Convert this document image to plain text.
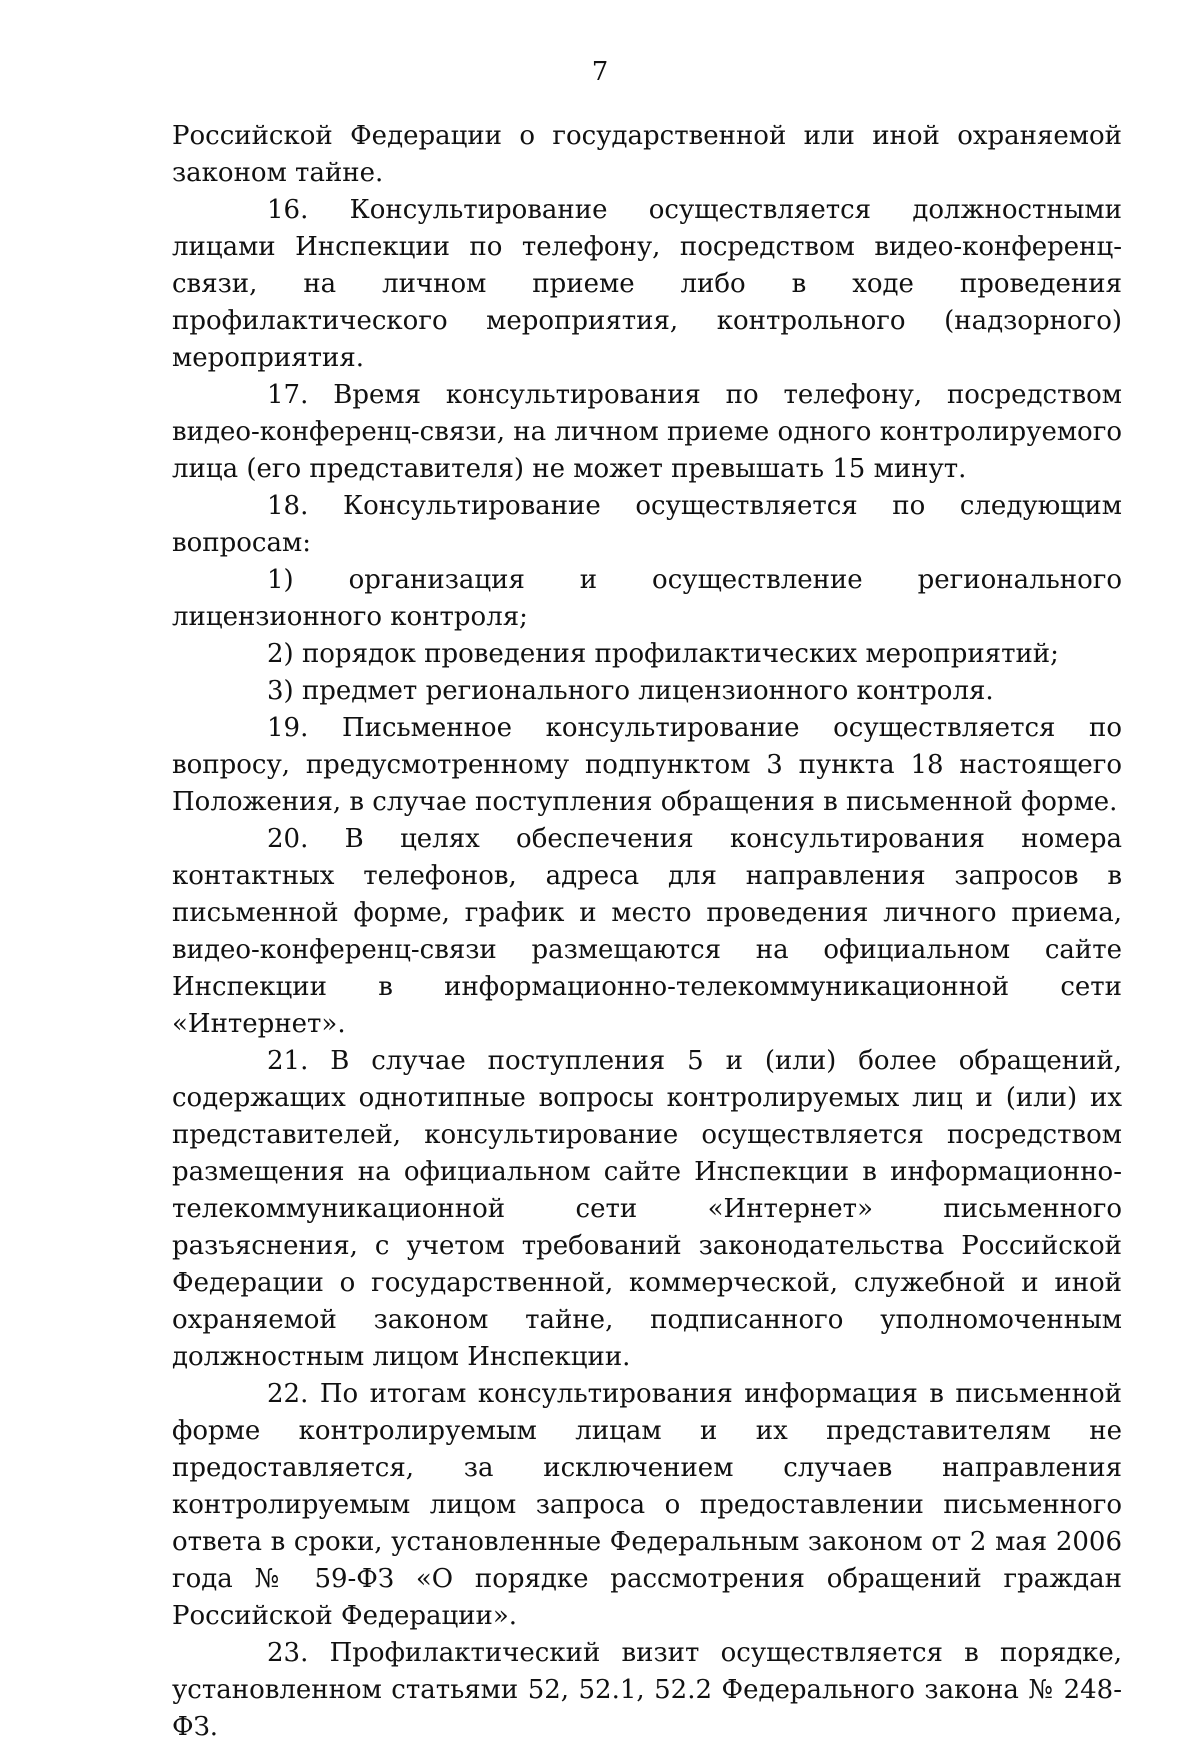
7

Российской Федерации о государственной или иной охраняемой законом тайне.

16. Консультирование осуществляется должностными лицами Инспекции по телефону, посредством видео-конференц-связи, на личном приеме либо в ходе проведения профилактического мероприятия, контрольного (надзорного) мероприятия.

17. Время консультирования по телефону, посредством видео-конференц-связи, на личном приеме одного контролируемого лица (его представителя) не может превышать 15 минут.

18. Консультирование осуществляется по следующим вопросам:

1) организация и осуществление регионального лицензионного контроля;

2) порядок проведения профилактических мероприятий;

3) предмет регионального лицензионного контроля.

19. Письменное консультирование осуществляется по вопросу, предусмотренному подпунктом 3 пункта 18 настоящего Положения, в случае поступления обращения в письменной форме.

20. В целях обеспечения консультирования номера контактных телефонов, адреса для направления запросов в письменной форме, график и место проведения личного приема, видео-конференц-связи размещаются на официальном сайте Инспекции в информационно-телекоммуникационной сети «Интернет».

21. В случае поступления 5 и (или) более обращений, содержащих однотипные вопросы контролируемых лиц и (или) их представителей, консультирование осуществляется посредством размещения на официальном сайте Инспекции в информационно-телекоммуникационной сети «Интернет» письменного разъяснения, с учетом требований законодательства Российской Федерации о государственной, коммерческой, служебной и иной охраняемой законом тайне, подписанного уполномоченным должностным лицом Инспекции.

22. По итогам консультирования информация в письменной форме контролируемым лицам и их представителям не предоставляется, за исключением случаев направления контролируемым лицом запроса о предоставлении письменного ответа в сроки, установленные Федеральным законом от 2 мая 2006 года № 59-ФЗ «О порядке рассмотрения обращений граждан Российской Федерации».

23. Профилактический визит осуществляется в порядке, установленном статьями 52, 52.1, 52.2 Федерального закона № 248-ФЗ.
